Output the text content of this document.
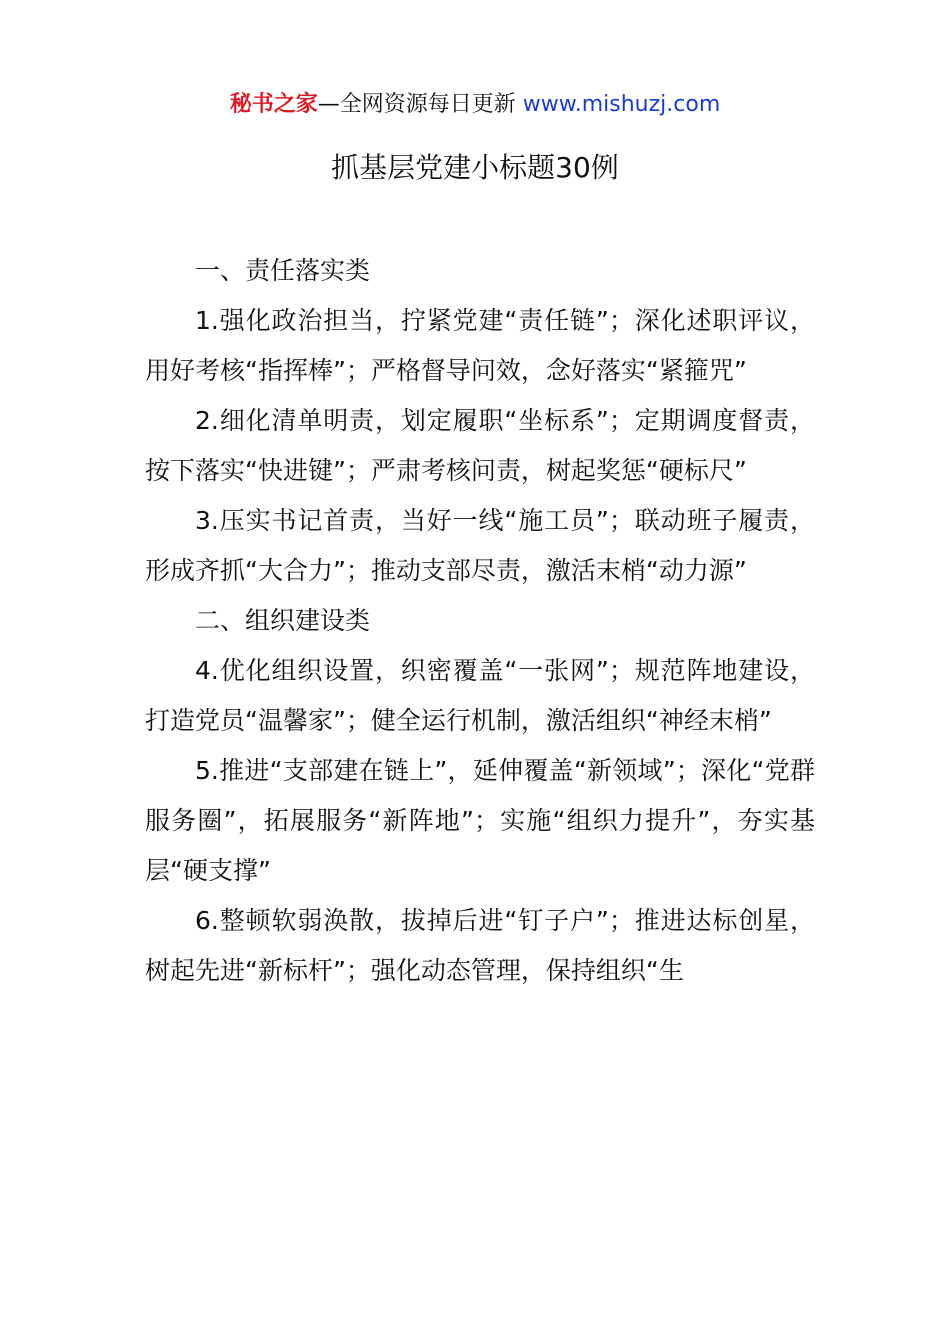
秘书之家—全网资源每日更新 www.mishuzj.com
抓基层党建小标题30例

一、责任落实类

1.强化政治担当，拧紧党建“责任链”；深化述职评议，用好考核“指挥棒”；严格督导问效，念好落实“紧箍咒”

2.细化清单明责，划定履职“坐标系”；定期调度督责，按下落实“快进键”；严肃考核问责，树起奖惩“硬标尺”

3.压实书记首责，当好一线“施工员”；联动班子履责，形成齐抓“大合力”；推动支部尽责，激活末梢“动力源”

二、组织建设类

4.优化组织设置，织密覆盖“一张网”；规范阵地建设，打造党员“温馨家”；健全运行机制，激活组织“神经末梢”

5.推进“支部建在链上”，延伸覆盖“新领域”；深化“党群服务圈”，拓展服务“新阵地”；实施“组织力提升”，夯实基层“硬支撑”

6.整顿软弱涣散，拔掉后进“钉子户”；推进达标创星，树起先进“新标杆”；强化动态管理，保持组织“生
